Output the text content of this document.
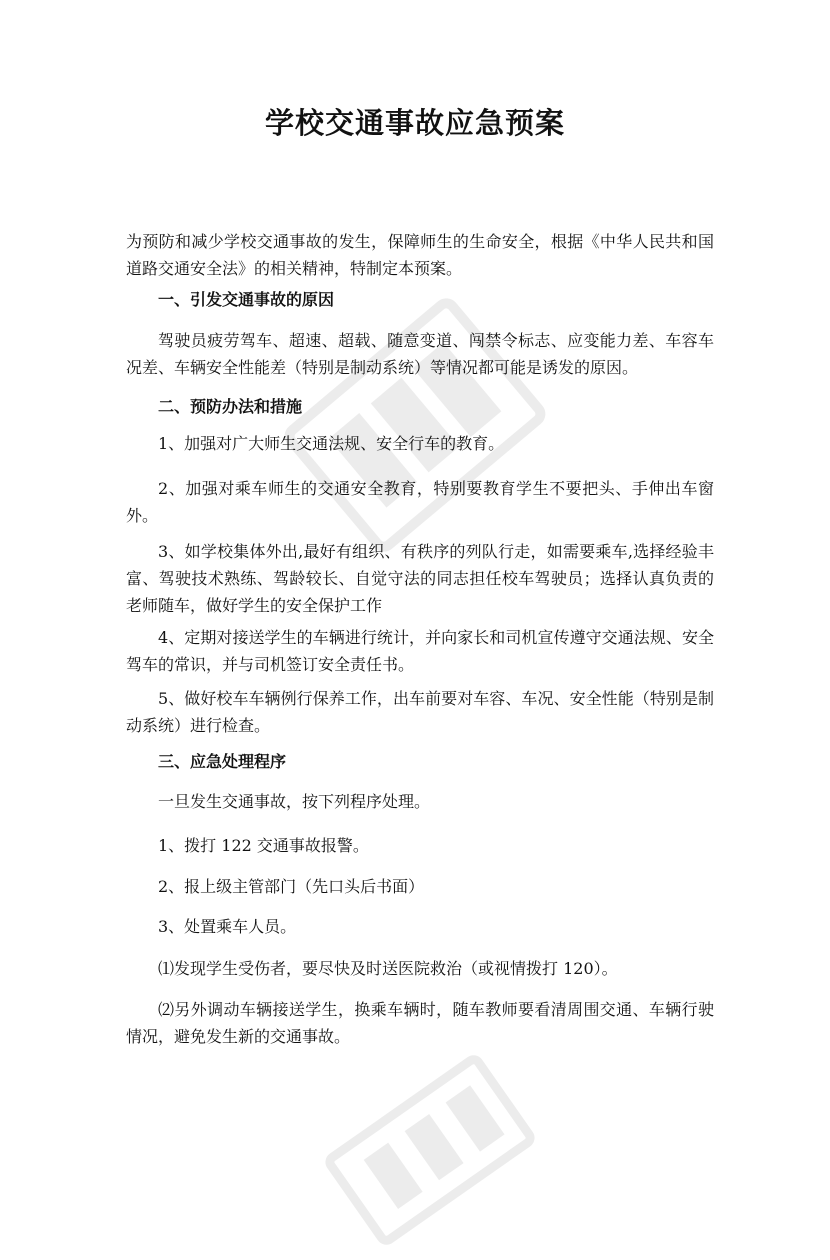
学校交通事故应急预案

为预防和减少学校交通事故的发生，保障师生的生命安全，根据《中华人民共和国道路交通安全法》的相关精神，特制定本预案。

一、引发交通事故的原因

驾驶员疲劳驾车、超速、超载、随意变道、闯禁令标志、应变能力差、车容车况差、车辆安全性能差（特别是制动系统）等情况都可能是诱发的原因。

二、预防办法和措施

1、加强对广大师生交通法规、安全行车的教育。

2、加强对乘车师生的交通安全教育，特别要教育学生不要把头、手伸出车窗外。

3、如学校集体外出,最好有组织、有秩序的列队行走，如需要乘车,选择经验丰富、驾驶技术熟练、驾龄较长、自觉守法的同志担任校车驾驶员；选择认真负责的老师随车，做好学生的安全保护工作

4、定期对接送学生的车辆进行统计，并向家长和司机宣传遵守交通法规、安全驾车的常识，并与司机签订安全责任书。

5、做好校车车辆例行保养工作，出车前要对车容、车况、安全性能（特别是制动系统）进行检查。

三、应急处理程序

一旦发生交通事故，按下列程序处理。

1、拨打 122 交通事故报警。

2、报上级主管部门（先口头后书面）

3、处置乘车人员。

⑴发现学生受伤者，要尽快及时送医院救治（或视情拨打 120）。

⑵另外调动车辆接送学生，换乘车辆时，随车教师要看清周围交通、车辆行驶情况，避免发生新的交通事故。
